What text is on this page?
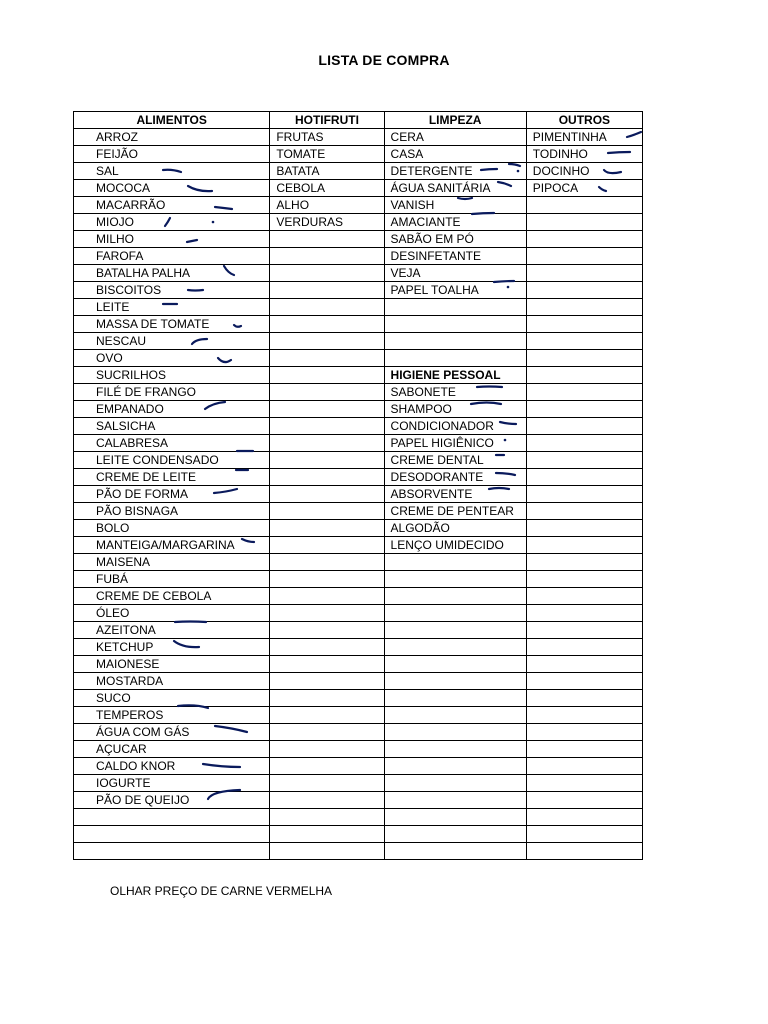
LISTA DE COMPRA
ALIMENTOS	HOTIFRUTI	LIMPEZA	OUTROS
ARROZ	FRUTAS	CERA	PIMENTINHA
FEIJÃO	TOMATE	CASA	TODINHO
SAL	BATATA	DETERGENTE	DOCINHO
MOCOCA	CEBOLA	ÁGUA SANITÁRIA	PIPOCA
MACARRÃO	ALHO	VANISH	
MIOJO	VERDURAS	AMACIANTE	
MILHO		SABÃO EM PÓ	
FAROFA		DESINFETANTE	
BATALHA PALHA		VEJA	
BISCOITOS		PAPEL TOALHA	
LEITE			
MASSA DE TOMATE			
NESCAU			
OVO			
SUCRILHOS		HIGIENE PESSOAL	
FILÉ DE FRANGO		SABONETE	
EMPANADO		SHAMPOO	
SALSICHA		CONDICIONADOR	
CALABRESA		PAPEL HIGIÊNICO	
LEITE CONDENSADO		CREME DENTAL	
CREME DE LEITE		DESODORANTE	
PÃO DE FORMA		ABSORVENTE	
PÃO BISNAGA		CREME DE PENTEAR	
BOLO		ALGODÃO	
MANTEIGA/MARGARINA		LENÇO UMIDECIDO	
MAISENA			
FUBÁ			
CREME DE CEBOLA			
ÓLEO			
AZEITONA			
KETCHUP			
MAIONESE			
MOSTARDA			
SUCO			
TEMPEROS			
ÁGUA COM GÁS			
AÇUCAR			
CALDO KNOR			
IOGURTE			
PÃO DE QUEIJO			

OLHAR PREÇO DE CARNE VERMELHA
